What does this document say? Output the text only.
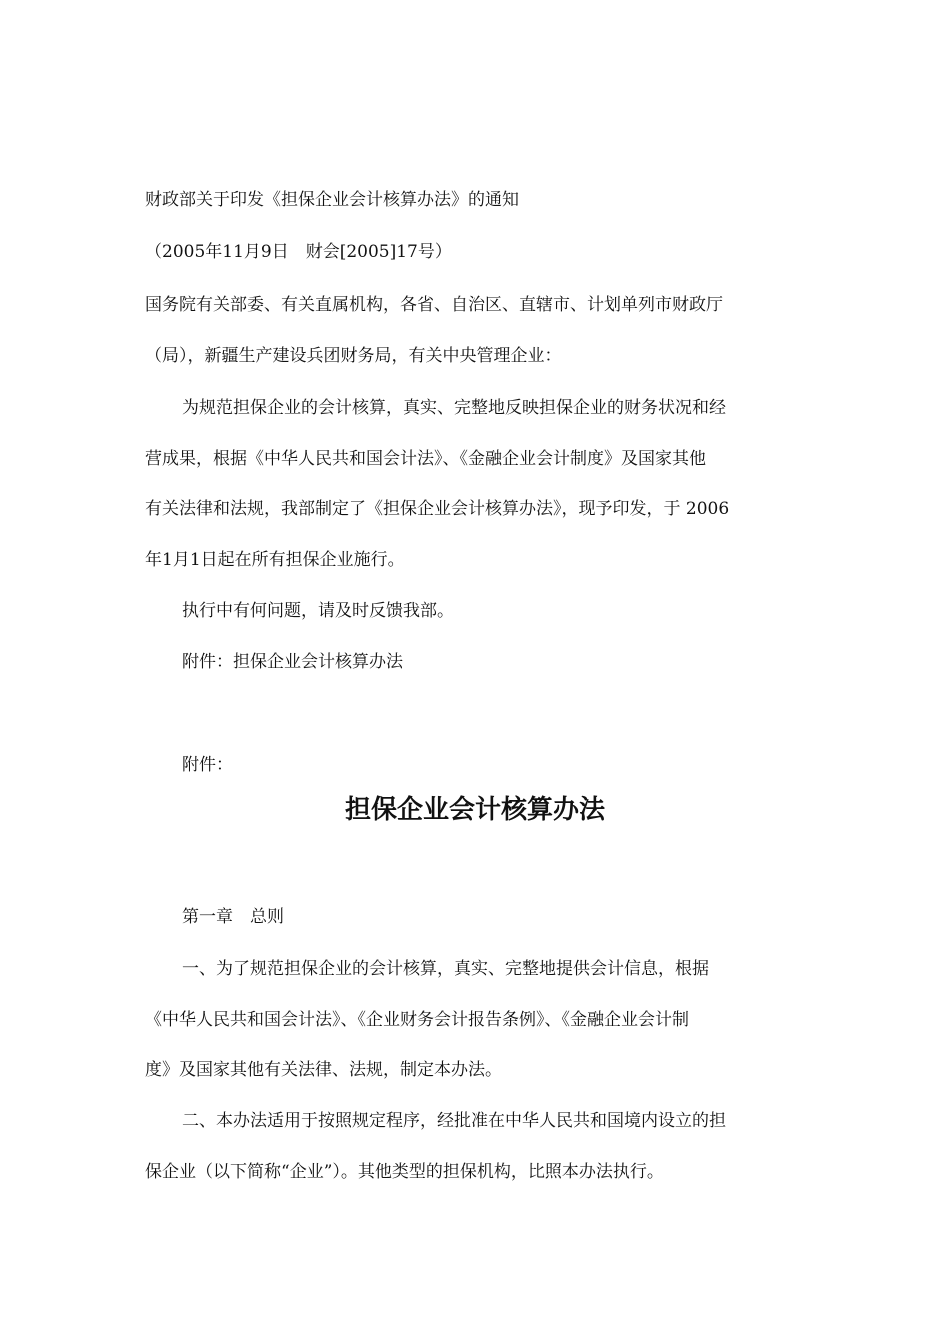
财政部关于印发《担保企业会计核算办法》的通知
（2005年11月9日　财会[2005]17号）
国务院有关部委、有关直属机构，各省、自治区、直辖市、计划单列市财政厅
（局），新疆生产建设兵团财务局，有关中央管理企业：
为规范担保企业的会计核算，真实、完整地反映担保企业的财务状况和经
营成果，根据《中华人民共和国会计法》、《金融企业会计制度》及国家其他
有关法律和法规，我部制定了《担保企业会计核算办法》，现予印发，于 2006
年1月1日起在所有担保企业施行。
执行中有何问题，请及时反馈我部。
附件：担保企业会计核算办法
附件：
担保企业会计核算办法
第一章　总则
一、为了规范担保企业的会计核算，真实、完整地提供会计信息，根据
《中华人民共和国会计法》、《企业财务会计报告条例》、《金融企业会计制
度》及国家其他有关法律、法规，制定本办法。
二、本办法适用于按照规定程序，经批准在中华人民共和国境内设立的担
保企业（以下简称“企业”）。其他类型的担保机构，比照本办法执行。
